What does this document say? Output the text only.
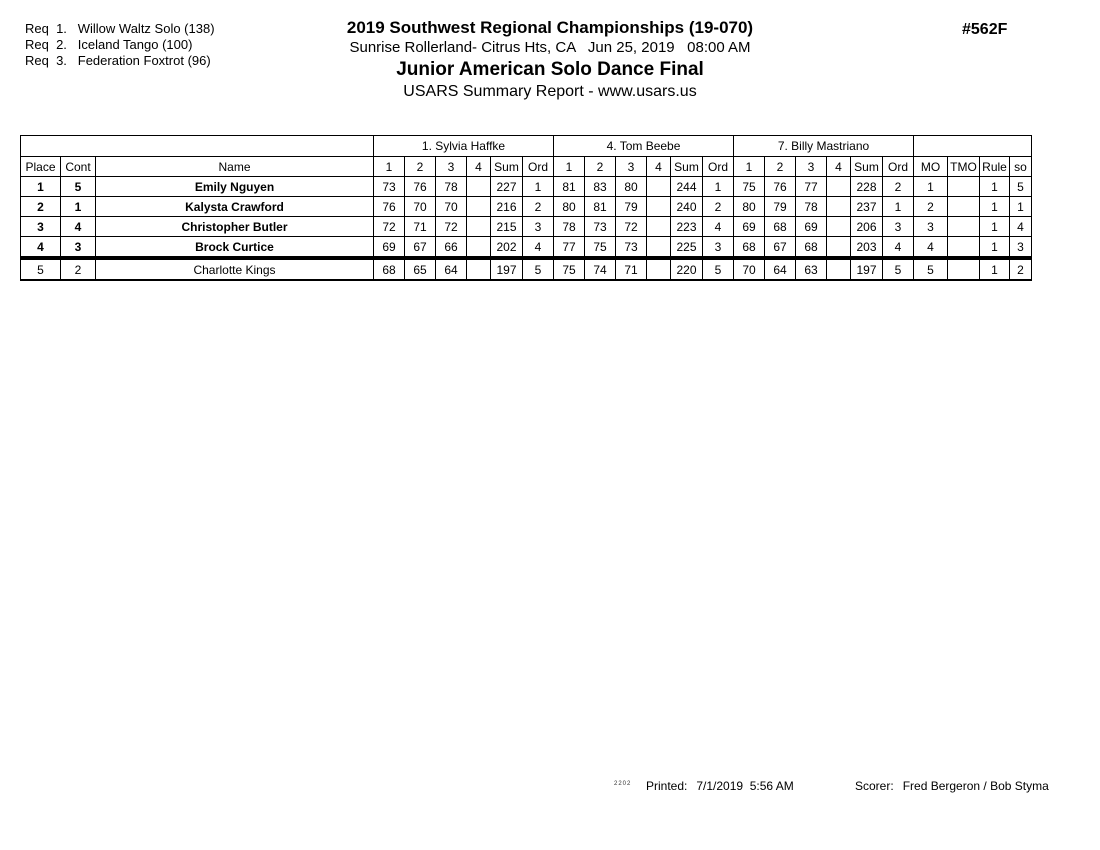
Req  1.   Willow Waltz Solo (138)
Req  2.   Iceland Tango (100)
Req  3.   Federation Foxtrot (96)
2019 Southwest Regional Championships (19-070)
Sunrise Rollerland- Citrus Hts, CA   Jun 25, 2019   08:00 AM
Junior American Solo Dance Final
USARS Summary Report - www.usars.us
#562F
			1. Sylvia Haffke						4. Tom Beebe						7. Billy Mastriano									
Place	Cont	Name	1	2	3	4	Sum	Ord	1	2	3	4	Sum	Ord	1	2	3	4	Sum	Ord	MO	TMO	Rule	so
1	5	Emily Nguyen	73	76	78		227	1	81	83	80		244	1	75	76	77		228	2	1		1	5
2	1	Kalysta Crawford	76	70	70		216	2	80	81	79		240	2	80	79	78		237	1	2		1	1
3	4	Christopher Butler	72	71	72		215	3	78	73	72		223	4	69	68	69		206	3	3		1	4
4	3	Brock Curtice	69	67	66		202	4	77	75	73		225	3	68	67	68		203	4	4		1	3
5	2	Charlotte Kings	68	65	64		197	5	75	74	71		220	5	70	64	63		197	5	5		1	2
2202 Printed: 7/1/2019  5:56 AM	Scorer: Fred Bergeron / Bob Styma
